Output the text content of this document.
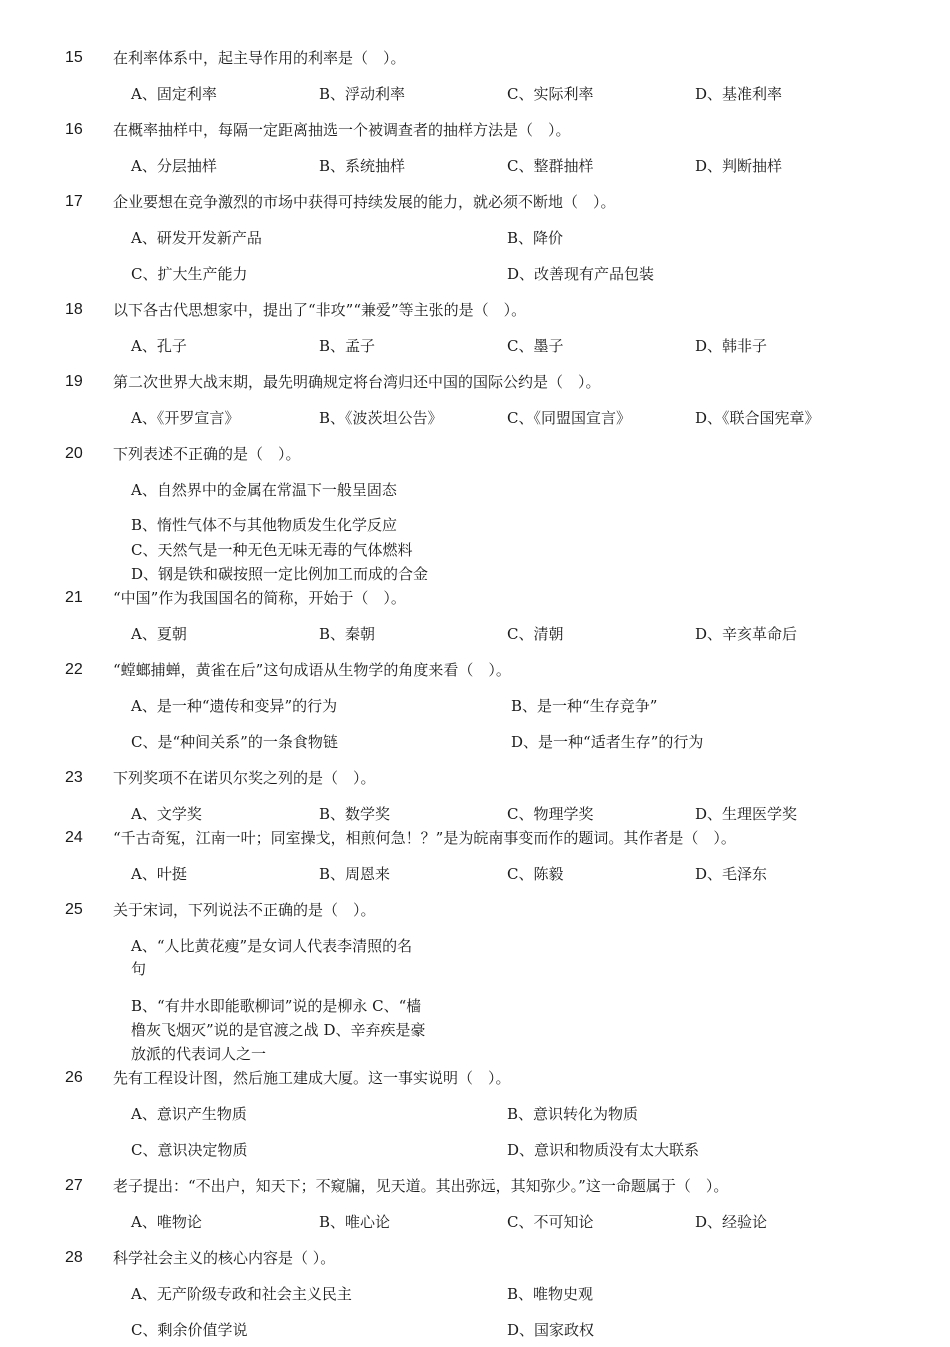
15	在利率体系中，起主导作用的利率是（　）。
A、固定利率	B、浮动利率	C、实际利率	D、基准利率
16	在概率抽样中，每隔一定距离抽选一个被调查者的抽样方法是（　）。
A、分层抽样	B、系统抽样	C、整群抽样	D、判断抽样
17	企业要想在竞争激烈的市场中获得可持续发展的能力，就必须不断地（　）。
A、研发开发新产品	B、降价
C、扩大生产能力	D、改善现有产品包装
18	以下各古代思想家中，提出了“非攻”“兼爱”等主张的是（　）。
A、孔子	B、孟子	C、墨子	D、韩非子
19	第二次世界大战末期，最先明确规定将台湾归还中国的国际公约是（　）。
A、《开罗宣言》	B、《波茨坦公告》	C、《同盟国宣言》	D、《联合国宪章》
20	下列表述不正确的是（　）。
A、自然界中的金属在常温下一般呈固态
B、惰性气体不与其他物质发生化学反应
C、天然气是一种无色无味无毒的气体燃料
D、钢是铁和碳按照一定比例加工而成的合金
21	“中国”作为我国国名的简称，开始于（　）。
A、夏朝	B、秦朝	C、清朝	D、辛亥革命后
22	“螳螂捕蝉，黄雀在后”这句成语从生物学的角度来看（　）。
A、是一种“遗传和变异”的行为	B、是一种“生存竞争”
C、是“种间关系”的一条食物链	D、是一种“适者生存”的行为
23	下列奖项不在诺贝尔奖之列的是（　）。
A、文学奖	B、数学奖	C、物理学奖	D、生理医学奖
24	“千古奇冤，江南一叶；同室操戈，相煎何急！？”是为皖南事变而作的题词。其作者是（　）。
A、叶挺	B、周恩来	C、陈毅	D、毛泽东
25	关于宋词，下列说法不正确的是（　）。
A、“人比黄花瘦”是女词人代表李清照的名
句
B、“有井水即能歌柳词”说的是柳永 C、“樯
橹灰飞烟灭”说的是官渡之战 D、辛弃疾是豪
放派的代表词人之一
26	先有工程设计图，然后施工建成大厦。这一事实说明（　）。
A、意识产生物质	B、意识转化为物质
C、意识决定物质	D、意识和物质没有太大联系
27	老子提出：“不出户，知天下；不窥牖，见天道。其出弥远，其知弥少。”这一命题属于（　）。
A、唯物论	B、唯心论	C、不可知论	D、经验论
28	科学社会主义的核心内容是（ ）。
A、无产阶级专政和社会主义民主	B、唯物史观
C、剩余价值学说	D、国家政权
